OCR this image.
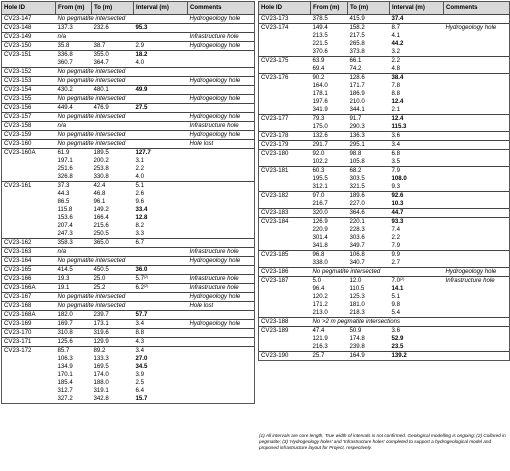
Hole ID	From (m)	To (m)	Interval (m)	Comments
CV23-147	No pegmatite intersected			Hydrogeology hole
CV23-148	137.3	232.6	95.3	
CV23-149	n/a			Infrastructure hole
CV23-150	35.8	38.7	2.9	Hydrogeology hole
CV23-151	336.8	355.0	18.2	
	360.7	364.7	4.0	
CV23-152	No pegmatite intersected			
CV23-153	No pegmatite intersected			Hydrogeology hole
CV23-154	430.2	480.1	49.9	
CV23-155	No pegmatite intersected			Hydrogeology hole
CV23-156	449.4	476.9	27.5	
CV23-157	No pegmatite intersected			Hydrogeology hole
CV23-158	n/a			Infrastructure hole
CV23-159	No pegmatite intersected			Hydrogeology hole
CV23-160	No pegmatite intersected			Hole lost
CV23-160A	61.9	189.5	127.7	
	197.1	200.2	3.1	
	251.6	253.8	2.2	
	326.8	330.8	4.0	
CV23-161	37.3	42.4	5.1	
	44.3	46.8	2.6	
	86.5	96.1	9.6	
	115.8	149.2	33.4	
	153.6	166.4	12.8	
	207.4	215.6	8.2	
	247.3	250.5	3.3	
CV23-162	358.3	365.0	6.7	
CV23-163	n/a			Infrastructure hole
CV23-164	No pegmatite intersected			Hydrogeology hole
CV23-165	414.5	450.5	36.0	
CV23-166	19.3	25.0	5.7$^{(2)}$	Infrastructure hole
CV23-166A	19.1	25.2	6.2$^{(2)}$	Infrastructure hole
CV23-167	No pegmatite intersected			Hydrogeology hole
CV23-168	No pegmatite intersected			Hole lost
CV23-168A	182.0	239.7	57.7	
CV23-169	169.7	173.1	3.4	Hydrogeology hole
CV23-170	310.8	319.6	8.8	
CV23-171	125.6	129.9	4.3	
CV23-172	85.7	89.2	3.4	
	106.3	133.3	27.0	
	134.9	169.5	34.5	
	170.1	174.0	3.9	
	185.4	188.0	2.5	
	312.7	319.1	6.4	
	327.2	342.8	15.7	
Hole ID	From (m)	To (m)	Interval (m)	Comments
CV23-173	378.5	415.9	37.4	
CV23-174	149.4	158.2	8.7	Hydrogeology hole
	213.5	217.5	4.1	
	221.5	265.8	44.2	
	370.6	373.8	3.2	
CV23-175	63.9	66.1	2.2	
	69.4	74.2	4.8	
CV23-176	90.2	128.6	38.4	
	164.0	171.7	7.8	
	178.1	186.9	8.8	
	197.6	210.0	12.4	
	341.9	344.1	2.1	
CV23-177	79.3	91.7	12.4	
	175.0	290.3	115.3	
CV23-178	132.6	136.3	3.6	
CV23-179	291.7	295.1	3.4	
CV23-180	92.0	98.8	6.8	
	102.2	105.8	3.5	
CV23-181	60.3	68.2	7.9	
	195.5	303.5	108.0	
	312.1	321.5	9.3	
CV23-182	97.0	189.6	92.6	
	216.7	227.0	10.3	
CV23-183	320.0	364.6	44.7	
CV23-184	126.9	220.1	93.3	
	220.9	228.3	7.4	
	301.4	303.6	2.2	
	341.8	349.7	7.9	
CV23-185	96.8	106.8	9.9	
	338.0	340.7	2.7	
CV23-186	No pegmatite intersected			Hydrogeology hole
CV23-187	5.0	12.0	7.0$^{(2)}$	Infrastructure hole
	96.4	110.5	14.1	
	120.2	125.3	5.1	
	171.2	181.0	9.8	
	213.0	218.3	5.4	
CV23-188	No >2 m pegmatite intersections			
CV23-189	47.4	50.9	3.6	
	121.9	174.8	52.9	
	216.3	239.8	23.5	
CV23-190	25.7	164.9	139.2	
(1) All intervals are core length. True width of intervals is not confirmed. Geological modelling is ongoing; (2) Collared in pegmatite; (3) 'Hydrogeology holes' and 'Infrastructure holes' completed to support a hydrogeological model and proposed infrastructure layout for Project, respectively.
